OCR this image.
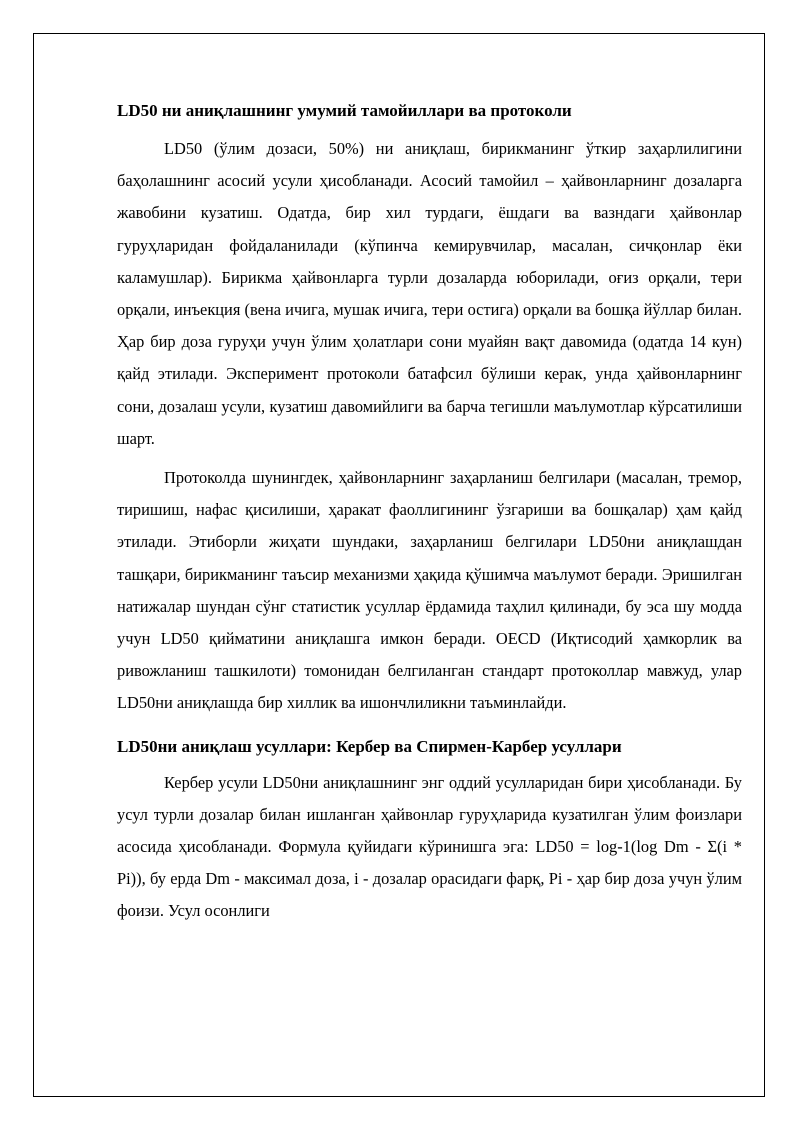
LD50 ни аниқлашнинг умумий тамойиллари ва протоколи

LD50 (ўлим дозаси, 50%) ни аниқлаш, бирикманинг ўткир заҳарлилигини баҳолашнинг асосий усули ҳисобланади. Асосий тамойил – ҳайвонларнинг дозаларга жавобини кузатиш. Одатда, бир хил турдаги, ёшдаги ва вазндаги ҳайвонлар гуруҳларидан фойдаланилади (кўпинча кемирувчилар, масалан, сичқонлар ёки каламушлар). Бирикма ҳайвонларга турли дозаларда юборилади, оғиз орқали, тери орқали, инъекция (вена ичига, мушак ичига, тери остига) орқали ва бошқа йўллар билан. Ҳар бир доза гуруҳи учун ўлим ҳолатлари сони муайян вақт давомида (одатда 14 кун) қайд этилади. Эксперимент протоколи батафсил бўлиши керак, унда ҳайвонларнинг сони, дозалаш усули, кузатиш давомийлиги ва барча тегишли маълумотлар кўрсатилиши шарт.

Протоколда шунингдек, ҳайвонларнинг заҳарланиш белгилари (масалан, тремор, тиришиш, нафас қисилиши, ҳаракат фаоллигининг ўзгариши ва бошқалар) ҳам қайд этилади. Этиборли жиҳати шундаки, заҳарланиш белгилари LD50ни аниқлашдан ташқари, бирикманинг таъсир механизми ҳақида қўшимча маълумот беради. Эришилган натижалар шундан сўнг статистик усуллар ёрдамида таҳлил қилинади, бу эса шу модда учун LD50 қийматини аниқлашга имкон беради. OECD (Иқтисодий ҳамкорлик ва ривожланиш ташкилоти) томонидан белгиланган стандарт протоколлар мавжуд, улар LD50ни аниқлашда бир хиллик ва ишончлиликни таъминлайди.

LD50ни аниқлаш усуллари: Кербер ва Спирмен-Карбер усуллари

Кербер усули LD50ни аниқлашнинг энг оддий усулларидан бири ҳисобланади. Бу усул турли дозалар билан ишланган ҳайвонлар гуруҳларида кузатилган ўлим фоизлари асосида ҳисобланади. Формула қуйидаги кўринишга эга: LD50 = log-1(log Dm - Σ(i * Pi)), бу ерда Dm - максимал доза, i - дозалар орасидаги фарқ, Pi - ҳар бир доза учун ўлим фоизи. Усул осонлиги
